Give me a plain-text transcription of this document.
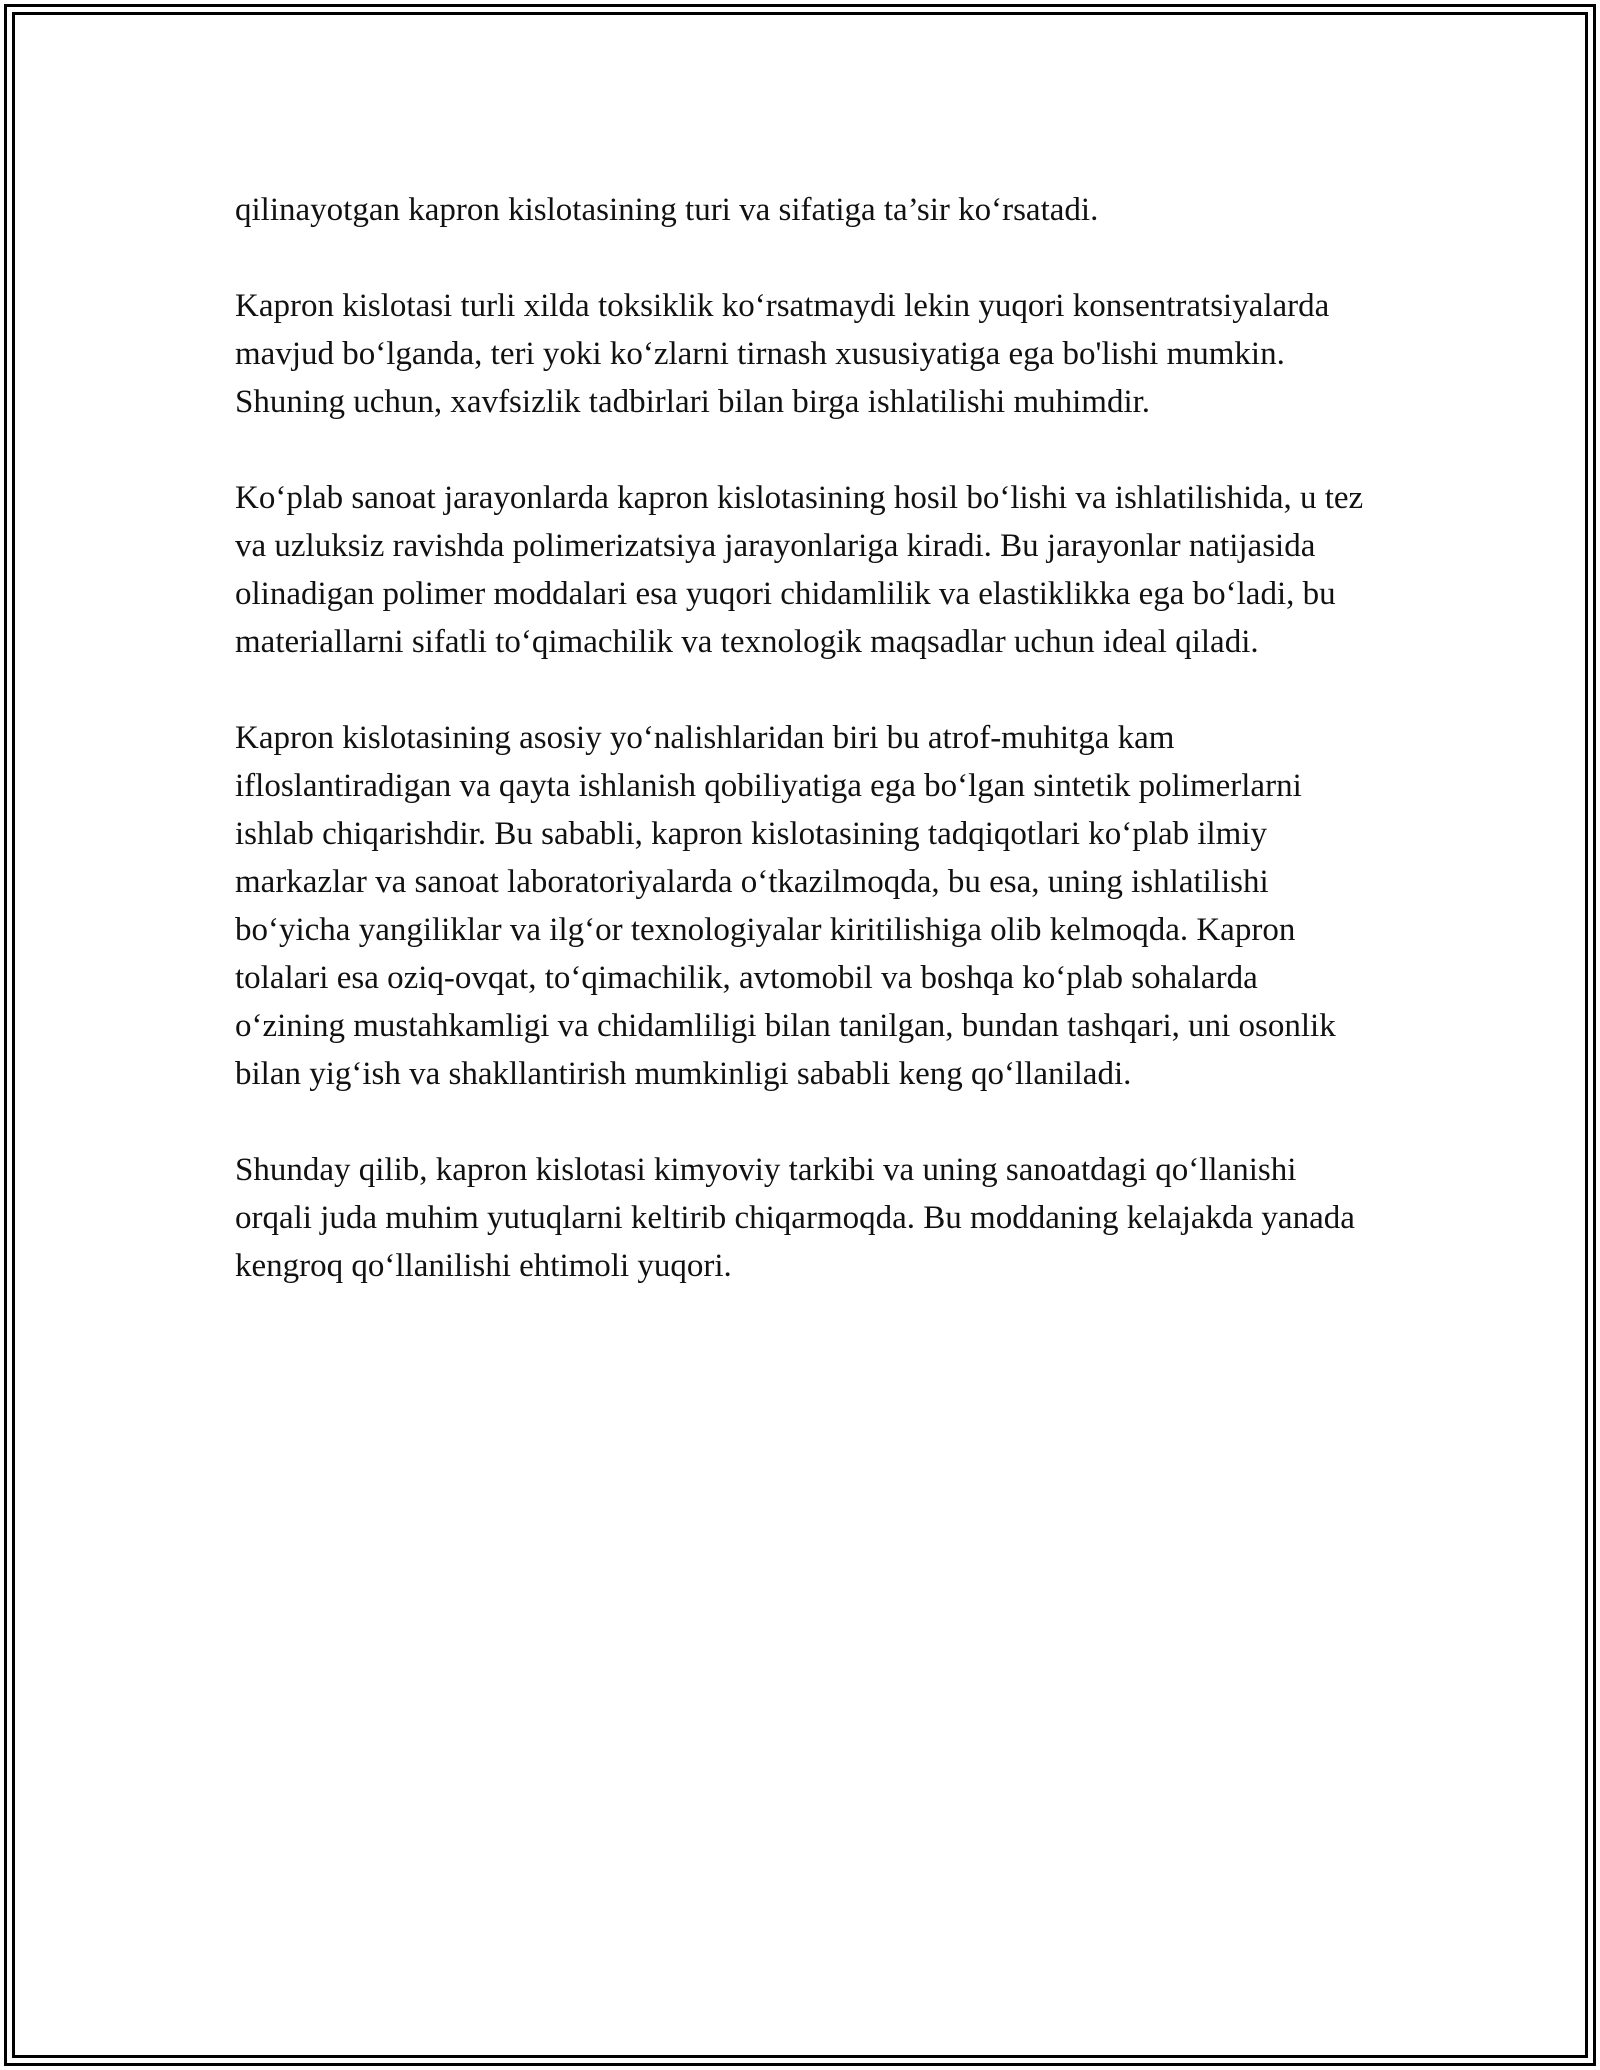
qilinayotgan kapron kislotasining turi va sifatiga ta’sir ko‘rsatadi.

Kapron kislotasi turli xilda toksiklik ko‘rsatmaydi lekin yuqori konsentratsiyalarda mavjud bo‘lganda, teri yoki ko‘zlarni tirnash xususiyatiga ega bo'lishi mumkin. Shuning uchun, xavfsizlik tadbirlari bilan birga ishlatilishi muhimdir.

Ko‘plab sanoat jarayonlarda kapron kislotasining hosil bo‘lishi va ishlatilishida, u tez va uzluksiz ravishda polimerizatsiya jarayonlariga kiradi. Bu jarayonlar natijasida olinadigan polimer moddalari esa yuqori chidamlilik va elastiklikka ega bo‘ladi, bu materiallarni sifatli to‘qimachilik va texnologik maqsadlar uchun ideal qiladi.

Kapron kislotasining asosiy yo‘nalishlaridan biri bu atrof-muhitga kam ifloslantiradigan va qayta ishlanish qobiliyatiga ega bo‘lgan sintetik polimerlarni ishlab chiqarishdir. Bu sababli, kapron kislotasining tadqiqotlari ko‘plab ilmiy markazlar va sanoat laboratoriyalarda o‘tkazilmoqda, bu esa, uning ishlatilishi bo‘yicha yangiliklar va ilg‘or texnologiyalar kiritilishiga olib kelmoqda. Kapron tolalari esa oziq-ovqat, to‘qimachilik, avtomobil va boshqa ko‘plab sohalarda o‘zining mustahkamligi va chidamliligi bilan tanilgan, bundan tashqari, uni osonlik bilan yig‘ish va shakllantirish mumkinligi sababli keng qo‘llaniladi.

Shunday qilib, kapron kislotasi kimyoviy tarkibi va uning sanoatdagi qo‘llanishi orqali juda muhim yutuqlarni keltirib chiqarmoqda. Bu moddaning kelajakda yanada kengroq qo‘llanilishi ehtimoli yuqori.
